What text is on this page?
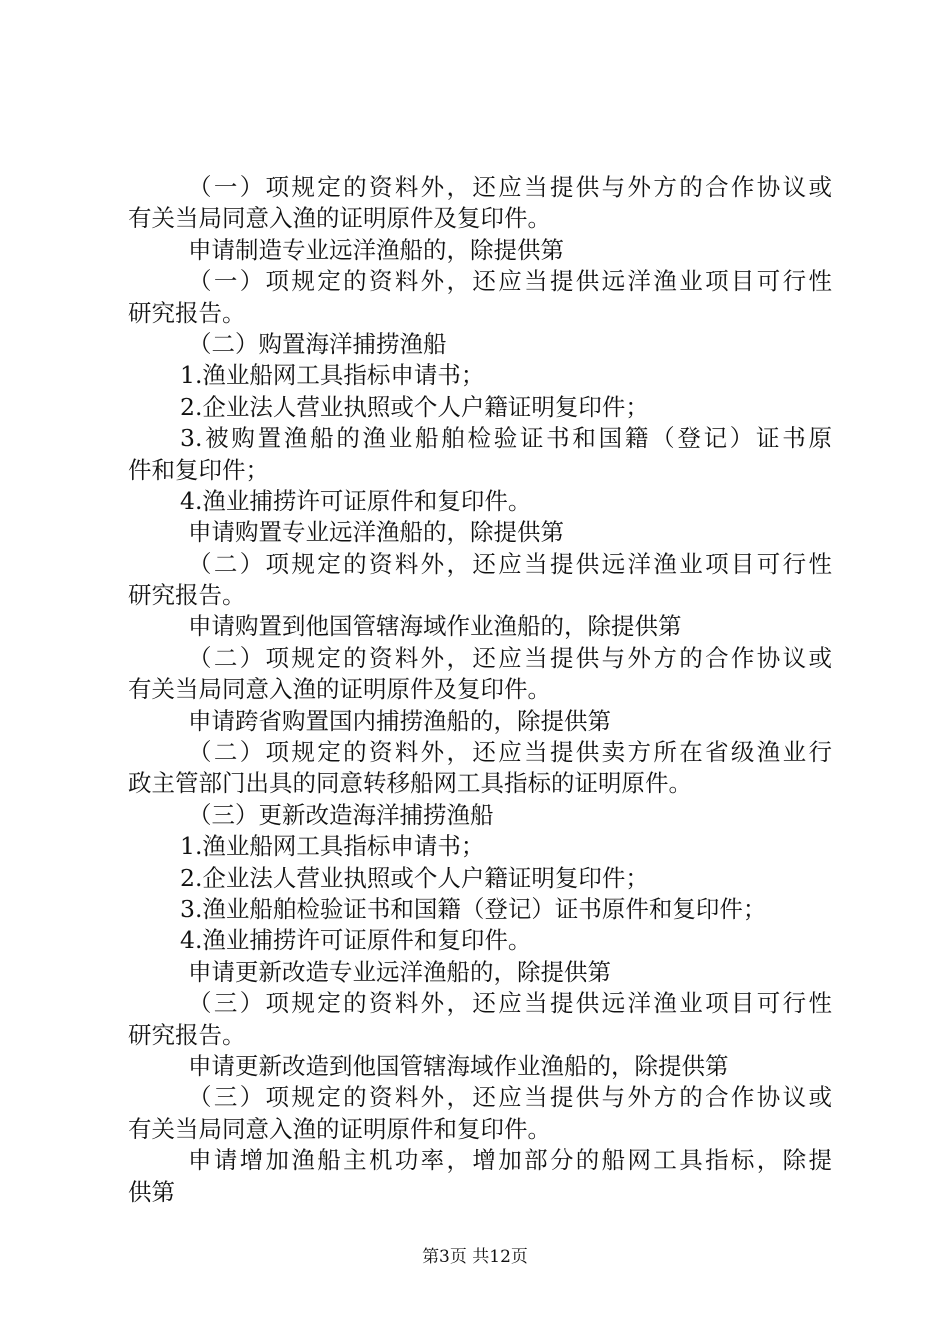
（一）项规定的资料外，还应当提供与外方的合作协议或
有关当局同意入渔的证明原件及复印件。
申请制造专业远洋渔船的，除提供第
（一）项规定的资料外，还应当提供远洋渔业项目可行性
研究报告。
（二）购置海洋捕捞渔船
1.渔业船网工具指标申请书；
2.企业法人营业执照或个人户籍证明复印件；
3.被购置渔船的渔业船舶检验证书和国籍（登记）证书原
件和复印件；
4.渔业捕捞许可证原件和复印件。
申请购置专业远洋渔船的，除提供第
（二）项规定的资料外，还应当提供远洋渔业项目可行性
研究报告。
申请购置到他国管辖海域作业渔船的，除提供第
（二）项规定的资料外，还应当提供与外方的合作协议或
有关当局同意入渔的证明原件及复印件。
申请跨省购置国内捕捞渔船的，除提供第
（二）项规定的资料外，还应当提供卖方所在省级渔业行
政主管部门出具的同意转移船网工具指标的证明原件。
（三）更新改造海洋捕捞渔船
1.渔业船网工具指标申请书；
2.企业法人营业执照或个人户籍证明复印件；
3.渔业船舶检验证书和国籍（登记）证书原件和复印件；
4.渔业捕捞许可证原件和复印件。
申请更新改造专业远洋渔船的，除提供第
（三）项规定的资料外，还应当提供远洋渔业项目可行性
研究报告。
申请更新改造到他国管辖海域作业渔船的，除提供第
（三）项规定的资料外，还应当提供与外方的合作协议或
有关当局同意入渔的证明原件和复印件。
申请增加渔船主机功率，增加部分的船网工具指标，除提
供第
第3页 共12页
